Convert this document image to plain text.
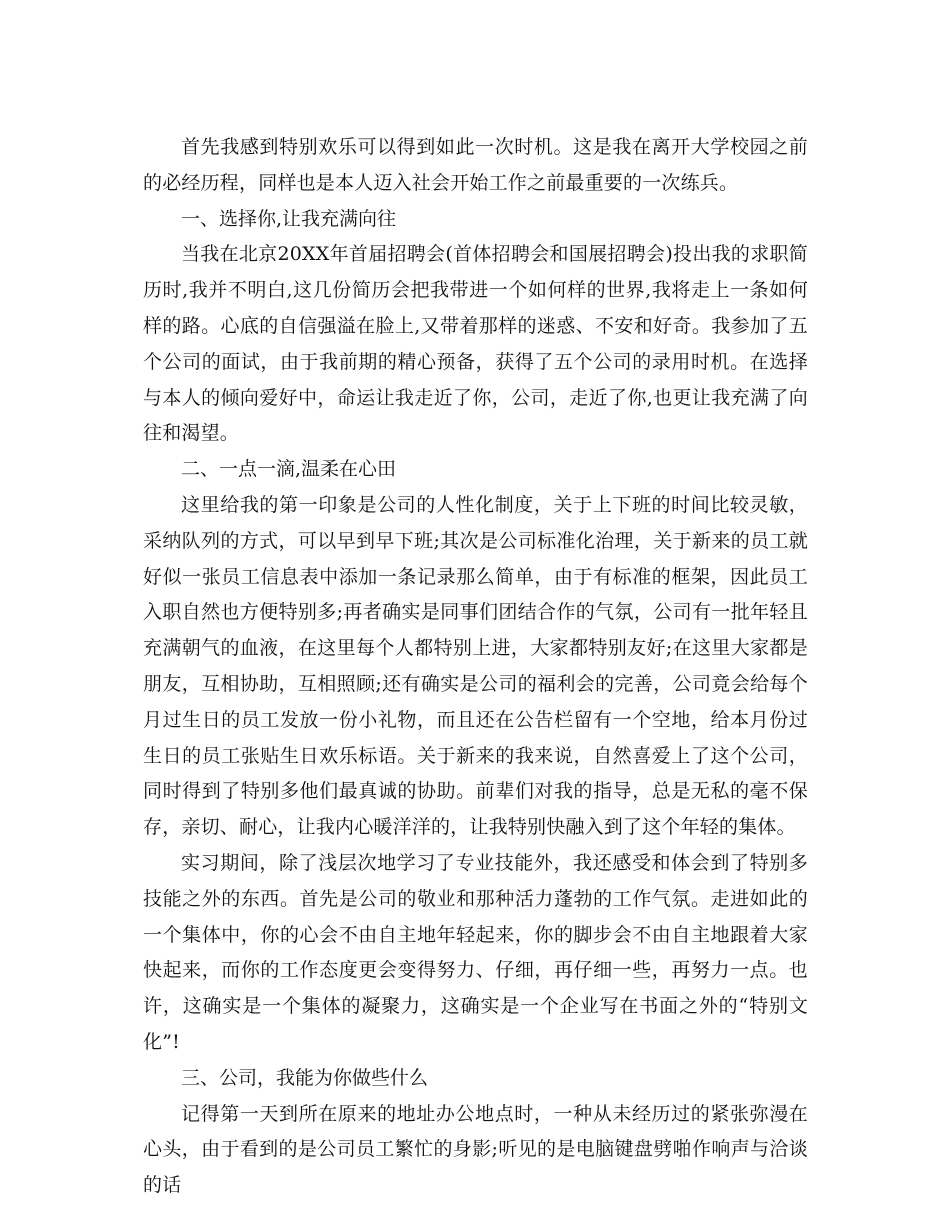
首先我感到特别欢乐可以得到如此一次时机。这是我在离开大学校园之前的必经历程，同样也是本人迈入社会开始工作之前最重要的一次练兵。

一、选择你,让我充满向往

当我在北京20XX年首届招聘会(首体招聘会和国展招聘会)投出我的求职简历时,我并不明白,这几份简历会把我带进一个如何样的世界,我将走上一条如何样的路。心底的自信强溢在脸上,又带着那样的迷惑、不安和好奇。我参加了五个公司的面试，由于我前期的精心预备，获得了五个公司的录用时机。在选择与本人的倾向爱好中，命运让我走近了你，公司，走近了你,也更让我充满了向往和渴望。

二、一点一滴,温柔在心田

这里给我的第一印象是公司的人性化制度，关于上下班的时间比较灵敏，采纳队列的方式，可以早到早下班;其次是公司标准化治理，关于新来的员工就好似一张员工信息表中添加一条记录那么简单，由于有标准的框架，因此员工入职自然也方便特别多;再者确实是同事们团结合作的气氛，公司有一批年轻且充满朝气的血液，在这里每个人都特别上进，大家都特别友好;在这里大家都是朋友，互相协助，互相照顾;还有确实是公司的福利会的完善，公司竟会给每个月过生日的员工发放一份小礼物，而且还在公告栏留有一个空地，给本月份过生日的员工张贴生日欢乐标语。关于新来的我来说，自然喜爱上了这个公司，同时得到了特别多他们最真诚的协助。前辈们对我的指导，总是无私的毫不保存，亲切、耐心，让我内心暖洋洋的，让我特别快融入到了这个年轻的集体。

实习期间，除了浅层次地学习了专业技能外，我还感受和体会到了特别多技能之外的东西。首先是公司的敬业和那种活力蓬勃的工作气氛。走进如此的一个集体中，你的心会不由自主地年轻起来，你的脚步会不由自主地跟着大家快起来，而你的工作态度更会变得努力、仔细，再仔细一些，再努力一点。也许，这确实是一个集体的凝聚力，这确实是一个企业写在书面之外的“特别文化”!

三、公司，我能为你做些什么

记得第一天到所在原来的地址办公地点时，一种从未经历过的紧张弥漫在心头，由于看到的是公司员工繁忙的身影;听见的是电脑键盘劈啪作响声与洽谈的话
